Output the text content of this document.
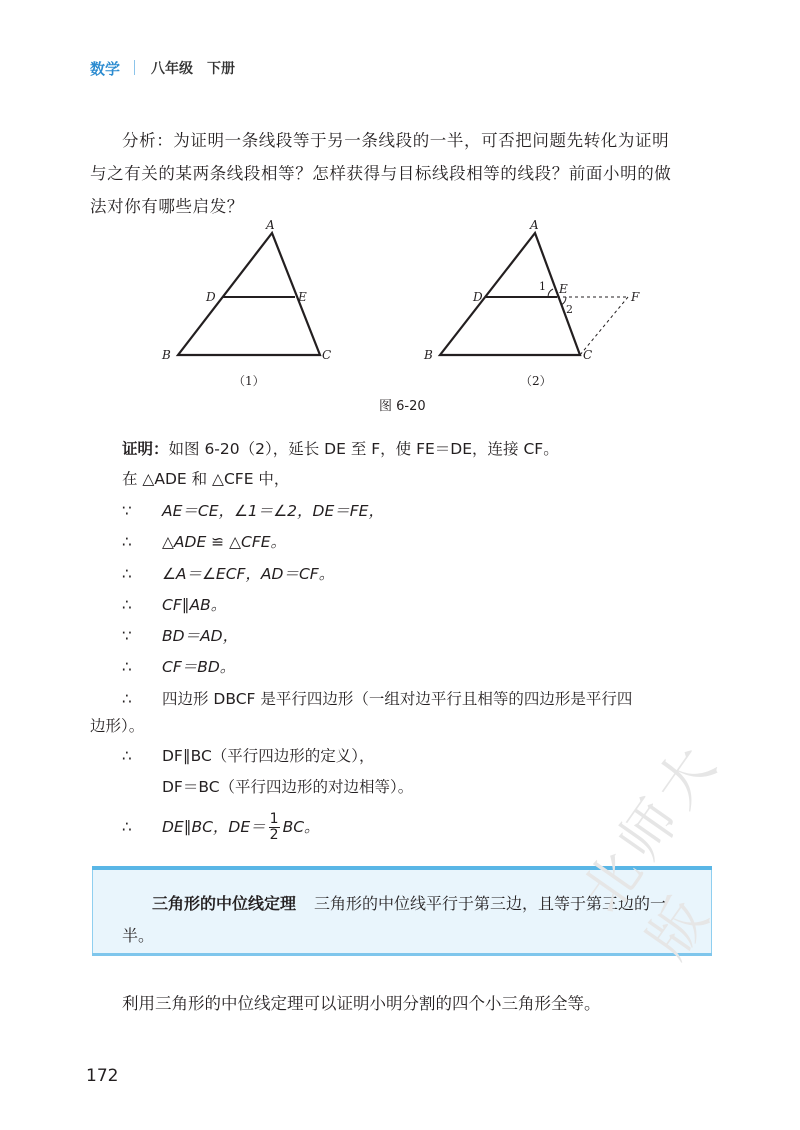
数学 八年级 下册
分析：为证明一条线段等于另一条线段的一半，可否把问题先转化为证明
与之有关的某两条线段相等？怎样获得与目标线段相等的线段？前面小明的做
法对你有哪些启发？
A
D	E
B	C
（1）
A
D
E
1
2
F
B	C
（2）
图 6-20
证明：如图 6-20（2），延长 DE 至 F，使 FE＝DE，连接 CF。
在 △ADE 和 △CFE 中，
∵ AE＝CE，∠1＝∠2，DE＝FE，
∴ △ADE ≌ △CFE。
∴ ∠A＝∠ECF，AD＝CF。
∴ CF∥AB。
∵ BD＝AD，
∴ CF＝BD。
∴ 四边形 DBCF 是平行四边形（一组对边平行且相等的四边形是平行四
边形）。
∴ DF∥BC（平行四边形的定义），
DF＝BC（平行四边形的对边相等）。
∴ DE∥BC，$DE= \frac{1}{2}$ BC。
三角形的中位线定理 三角形的中位线平行于第三边，且等于第三边的一半。
利用三角形的中位线定理可以证明小明分割的四个小三角形全等。
172
北师大版
